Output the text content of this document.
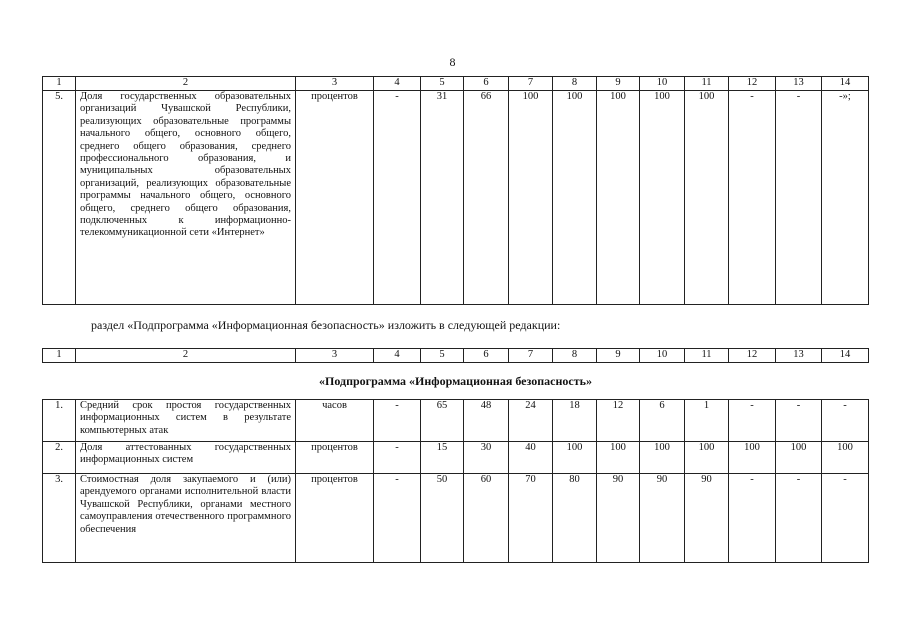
8
1	2	3	4	5	6	7	8	9	10	11	12	13	14
5.	Доля государственных образовательных организаций Чувашской Республики, реализующих образовательные программы начального общего, основного общего, среднего общего образования, среднего профессионального образования, и муниципальных образовательных организаций, реализующих образовательные программы начального общего, основного общего, среднего общего образования, подключенных к информационно-телекоммуникационной сети «Интернет»	процентов	-	31	66	100	100	100	100	100	-	-	-»;
раздел «Подпрограмма «Информационная безопасность» изложить в следующей редакции:
1	2	3	4	5	6	7	8	9	10	11	12	13	14
«Подпрограмма «Информационная безопасность»													
1.	Средний срок простоя государственных информационных систем в результате компьютерных атак	часов	-	65	48	24	18	12	6	1	-	-	-
2.	Доля аттестованных государственных информационных систем	процентов	-	15	30	40	100	100	100	100	100	100	100
3.	Стоимостная доля закупаемого и (или) арендуемого органами исполнительной власти Чувашской Республики, органами местного самоуправления отечественного программного обеспечения	процентов	-	50	60	70	80	90	90	90	-	-	-
